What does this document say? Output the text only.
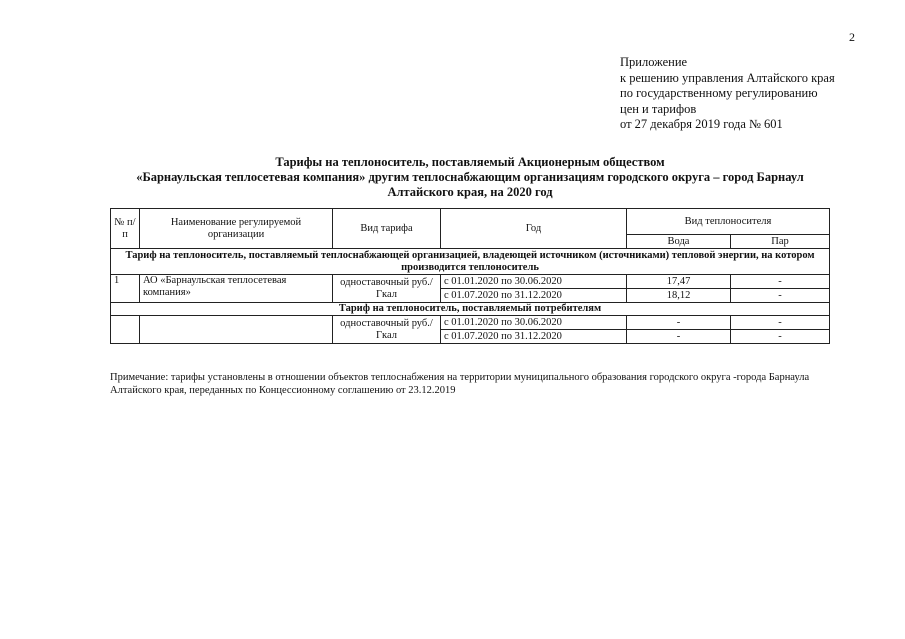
2
Приложение
к решению управления Алтайского края
по государственному регулированию
цен и тарифов
от 27 декабря 2019 года № 601
Тарифы на теплоноситель, поставляемый Акционерным обществом
«Барнаульская теплосетевая компания» другим теплоснабжающим организациям городского округа – город Барнаул
Алтайского края, на 2020 год
№ п/п	Наименование регулируемой организации	Вид тарифа	Год	Вид теплоносителя	
				Вода	Пар
Тариф на теплоноситель, поставляемый теплоснабжающей организацией, владеющей источником (источниками) тепловой энергии, на котором производится теплоноситель					
1	АО «Барнаульская теплосетевая компания»	одноставочный руб./Гкал	с 01.01.2020 по 30.06.2020	17,47	-
			с 01.07.2020 по 31.12.2020	18,12	-
Тариф на теплоноситель, поставляемый потребителям					
		одноставочный руб./Гкал	с 01.01.2020 по 30.06.2020	-	-
			с 01.07.2020 по 31.12.2020	-	-
Примечание: тарифы установлены в отношении объектов теплоснабжения на территории муниципального образования городского округа -города Барнаула Алтайского края, переданных по Концессионному соглашению от 23.12.2019
